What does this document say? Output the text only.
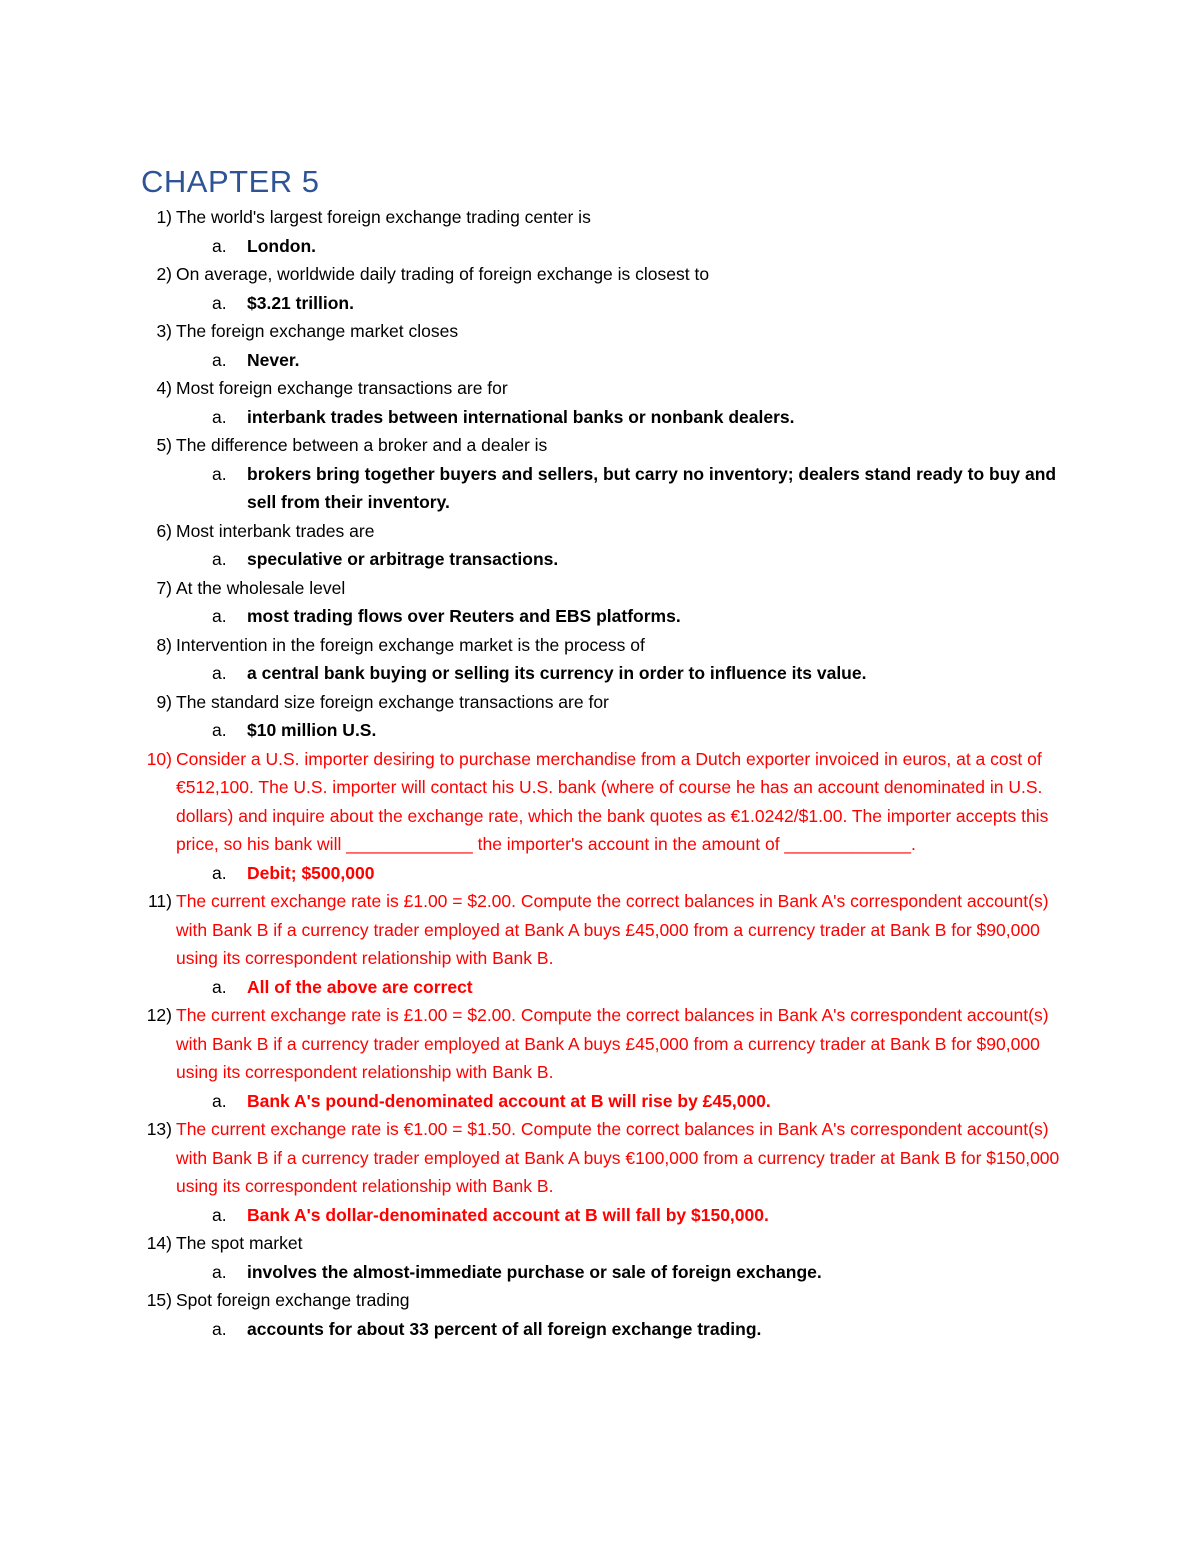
CHAPTER 5
1) The world's largest foreign exchange trading center is
a. London.
2) On average, worldwide daily trading of foreign exchange is closest to
a. $3.21 trillion.
3) The foreign exchange market closes
a. Never.
4) Most foreign exchange transactions are for
a. interbank trades between international banks or nonbank dealers.
5) The difference between a broker and a dealer is
a. brokers bring together buyers and sellers, but carry no inventory; dealers stand ready to buy and sell from their inventory.
6) Most interbank trades are
a. speculative or arbitrage transactions.
7) At the wholesale level
a. most trading flows over Reuters and EBS platforms.
8) Intervention in the foreign exchange market is the process of
a. a central bank buying or selling its currency in order to influence its value.
9) The standard size foreign exchange transactions are for
a. $10 million U.S.
10) Consider a U.S. importer desiring to purchase merchandise from a Dutch exporter invoiced in euros, at a cost of €512,100. The U.S. importer will contact his U.S. bank (where of course he has an account denominated in U.S. dollars) and inquire about the exchange rate, which the bank quotes as €1.0242/$1.00. The importer accepts this price, so his bank will _____________ the importer's account in the amount of _____________.
a. Debit; $500,000
11) The current exchange rate is £1.00 = $2.00. Compute the correct balances in Bank A's correspondent account(s) with Bank B if a currency trader employed at Bank A buys £45,000 from a currency trader at Bank B for $90,000 using its correspondent relationship with Bank B.
a. All of the above are correct
12) The current exchange rate is £1.00 = $2.00. Compute the correct balances in Bank A's correspondent account(s) with Bank B if a currency trader employed at Bank A buys £45,000 from a currency trader at Bank B for $90,000 using its correspondent relationship with Bank B.
a. Bank A's pound-denominated account at B will rise by £45,000.
13) The current exchange rate is €1.00 = $1.50. Compute the correct balances in Bank A's correspondent account(s) with Bank B if a currency trader employed at Bank A buys €100,000 from a currency trader at Bank B for $150,000 using its correspondent relationship with Bank B.
a. Bank A's dollar-denominated account at B will fall by $150,000.
14) The spot market
a. involves the almost-immediate purchase or sale of foreign exchange.
15) Spot foreign exchange trading
a. accounts for about 33 percent of all foreign exchange trading.
